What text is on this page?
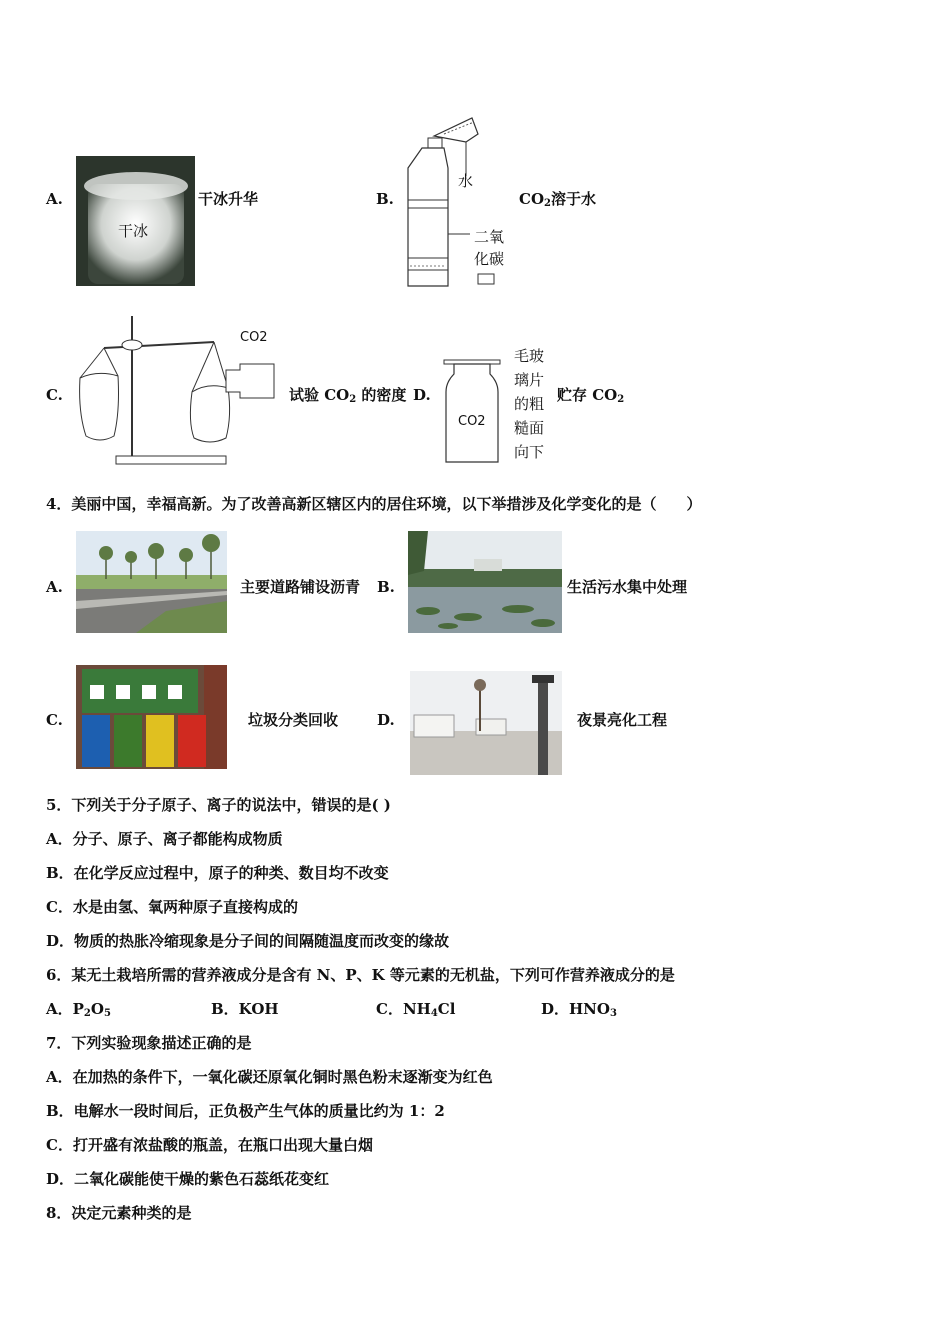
A.
干冰
干冰升华	B.
水
二氧
化碳
$CO_2$溶于水
C.
CO2
试验 $CO_2$ 的密度 D.
CO2
毛玻
璃片
的粗
糙面
向下
贮存 $CO_2$
4．美丽中国，幸福高新。为了改善高新区辖区内的居住环境，以下举措涉及化学变化的是（　　）
A.	主要道路铺设沥青 B.	生活污水集中处理
C.	垃圾分类回收	D.	夜景亮化工程
5．下列关于分子原子、离子的说法中，错误的是( )
A．分子、原子、离子都能构成物质
B．在化学反应过程中，原子的种类、数目均不改变
C．水是由氢、氧两种原子直接构成的
D．物质的热胀冷缩现象是分子间的间隔随温度而改变的缘故
6．某无土栽培所需的营养液成分是含有 N、P、K 等元素的无机盐，下列可作营养液成分的是
A．$P_2O_5$	B．KOH	C．$NH_4Cl$	D．$HNO_3$
7．下列实验现象描述正确的是
A．在加热的条件下，一氧化碳还原氧化铜时黑色粉末逐渐变为红色
B．电解水一段时间后，正负极产生气体的质量比约为 1：2
C．打开盛有浓盐酸的瓶盖，在瓶口出现大量白烟
D．二氧化碳能使干燥的紫色石蕊纸花变红
8．决定元素种类的是
